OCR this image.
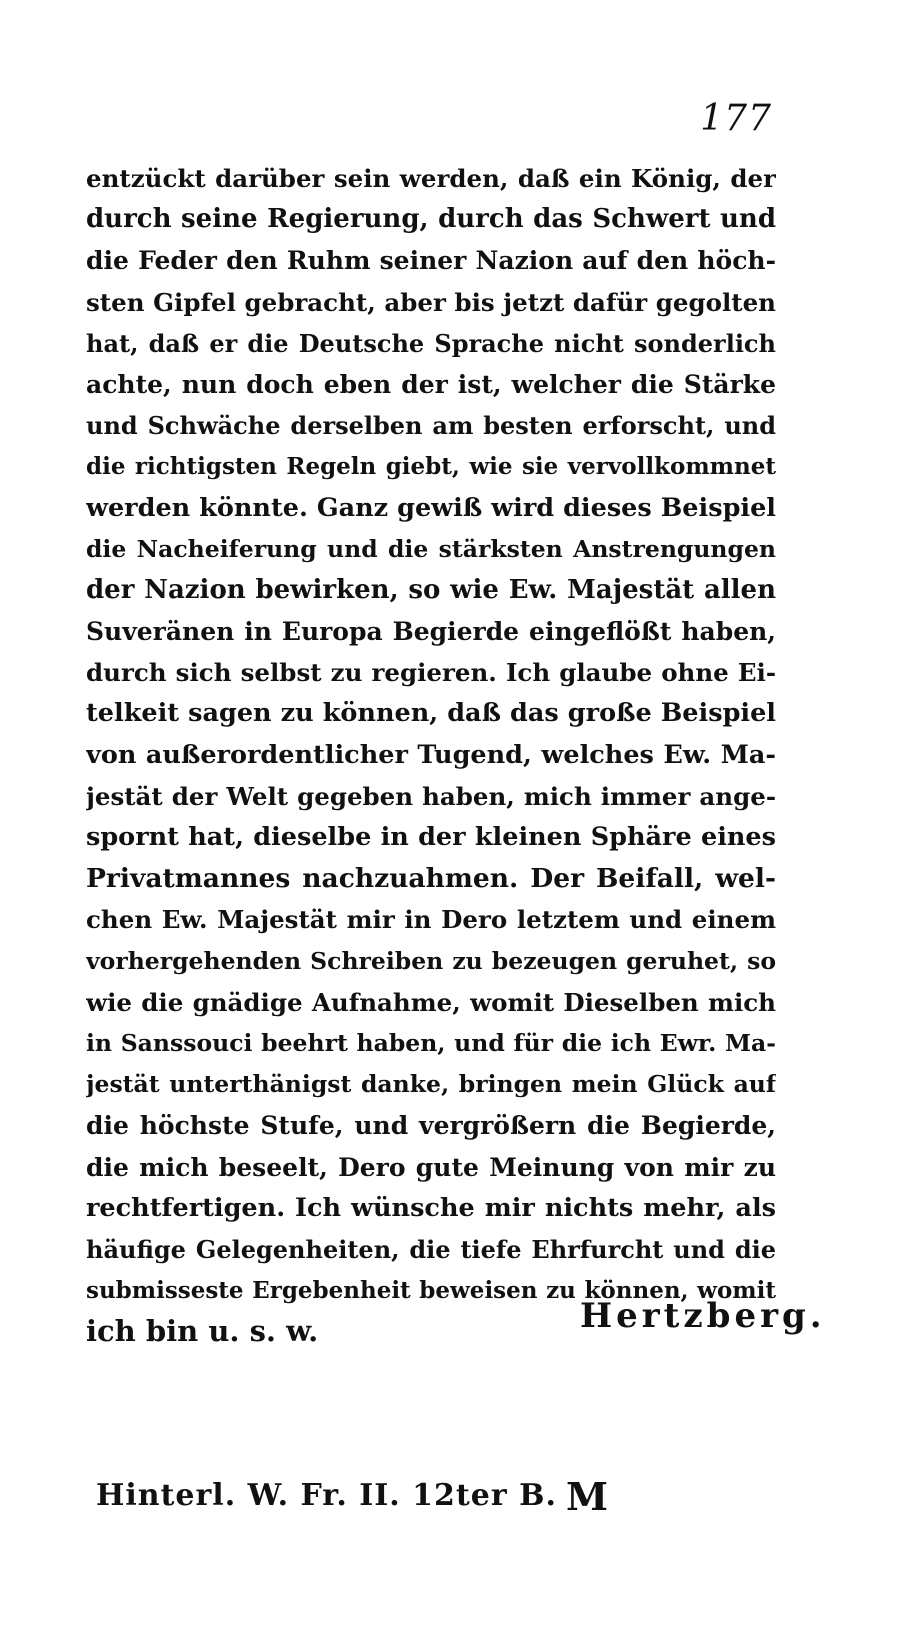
177
entzückt darüber sein werden, daß ein König, der
durch seine Regierung, durch das Schwert und
die Feder den Ruhm seiner Nazion auf den höch-
sten Gipfel gebracht, aber bis jetzt dafür gegolten
hat, daß er die Deutsche Sprache nicht sonderlich
achte, nun doch eben der ist, welcher die Stärke
und Schwäche derselben am besten erforscht, und
die richtigsten Regeln giebt, wie sie vervollkommnet
werden könnte. Ganz gewiß wird dieses Beispiel
die Nacheiferung und die stärksten Anstrengungen
der Nazion bewirken, so wie Ew. Majestät allen
Suveränen in Europa Begierde eingeflößt haben,
durch sich selbst zu regieren. Ich glaube ohne Ei-
telkeit sagen zu können, daß das große Beispiel
von außerordentlicher Tugend, welches Ew. Ma-
jestät der Welt gegeben haben, mich immer ange-
spornt hat, dieselbe in der kleinen Sphäre eines
Privatmannes nachzuahmen. Der Beifall, wel-
chen Ew. Majestät mir in Dero letztem und einem
vorhergehenden Schreiben zu bezeugen geruhet, so
wie die gnädige Aufnahme, womit Dieselben mich
in Sanssouci beehrt haben, und für die ich Ewr. Ma-
jestät unterthänigst danke, bringen mein Glück auf
die höchste Stufe, und vergrößern die Begierde,
die mich beseelt, Dero gute Meinung von mir zu
rechtfertigen. Ich wünsche mir nichts mehr, als
häufige Gelegenheiten, die tiefe Ehrfurcht und die
submisseste Ergebenheit beweisen zu können, womit
ich bin u. s. w.	Hertzberg.
Hinterl. W. Fr. II. 12ter B. M
